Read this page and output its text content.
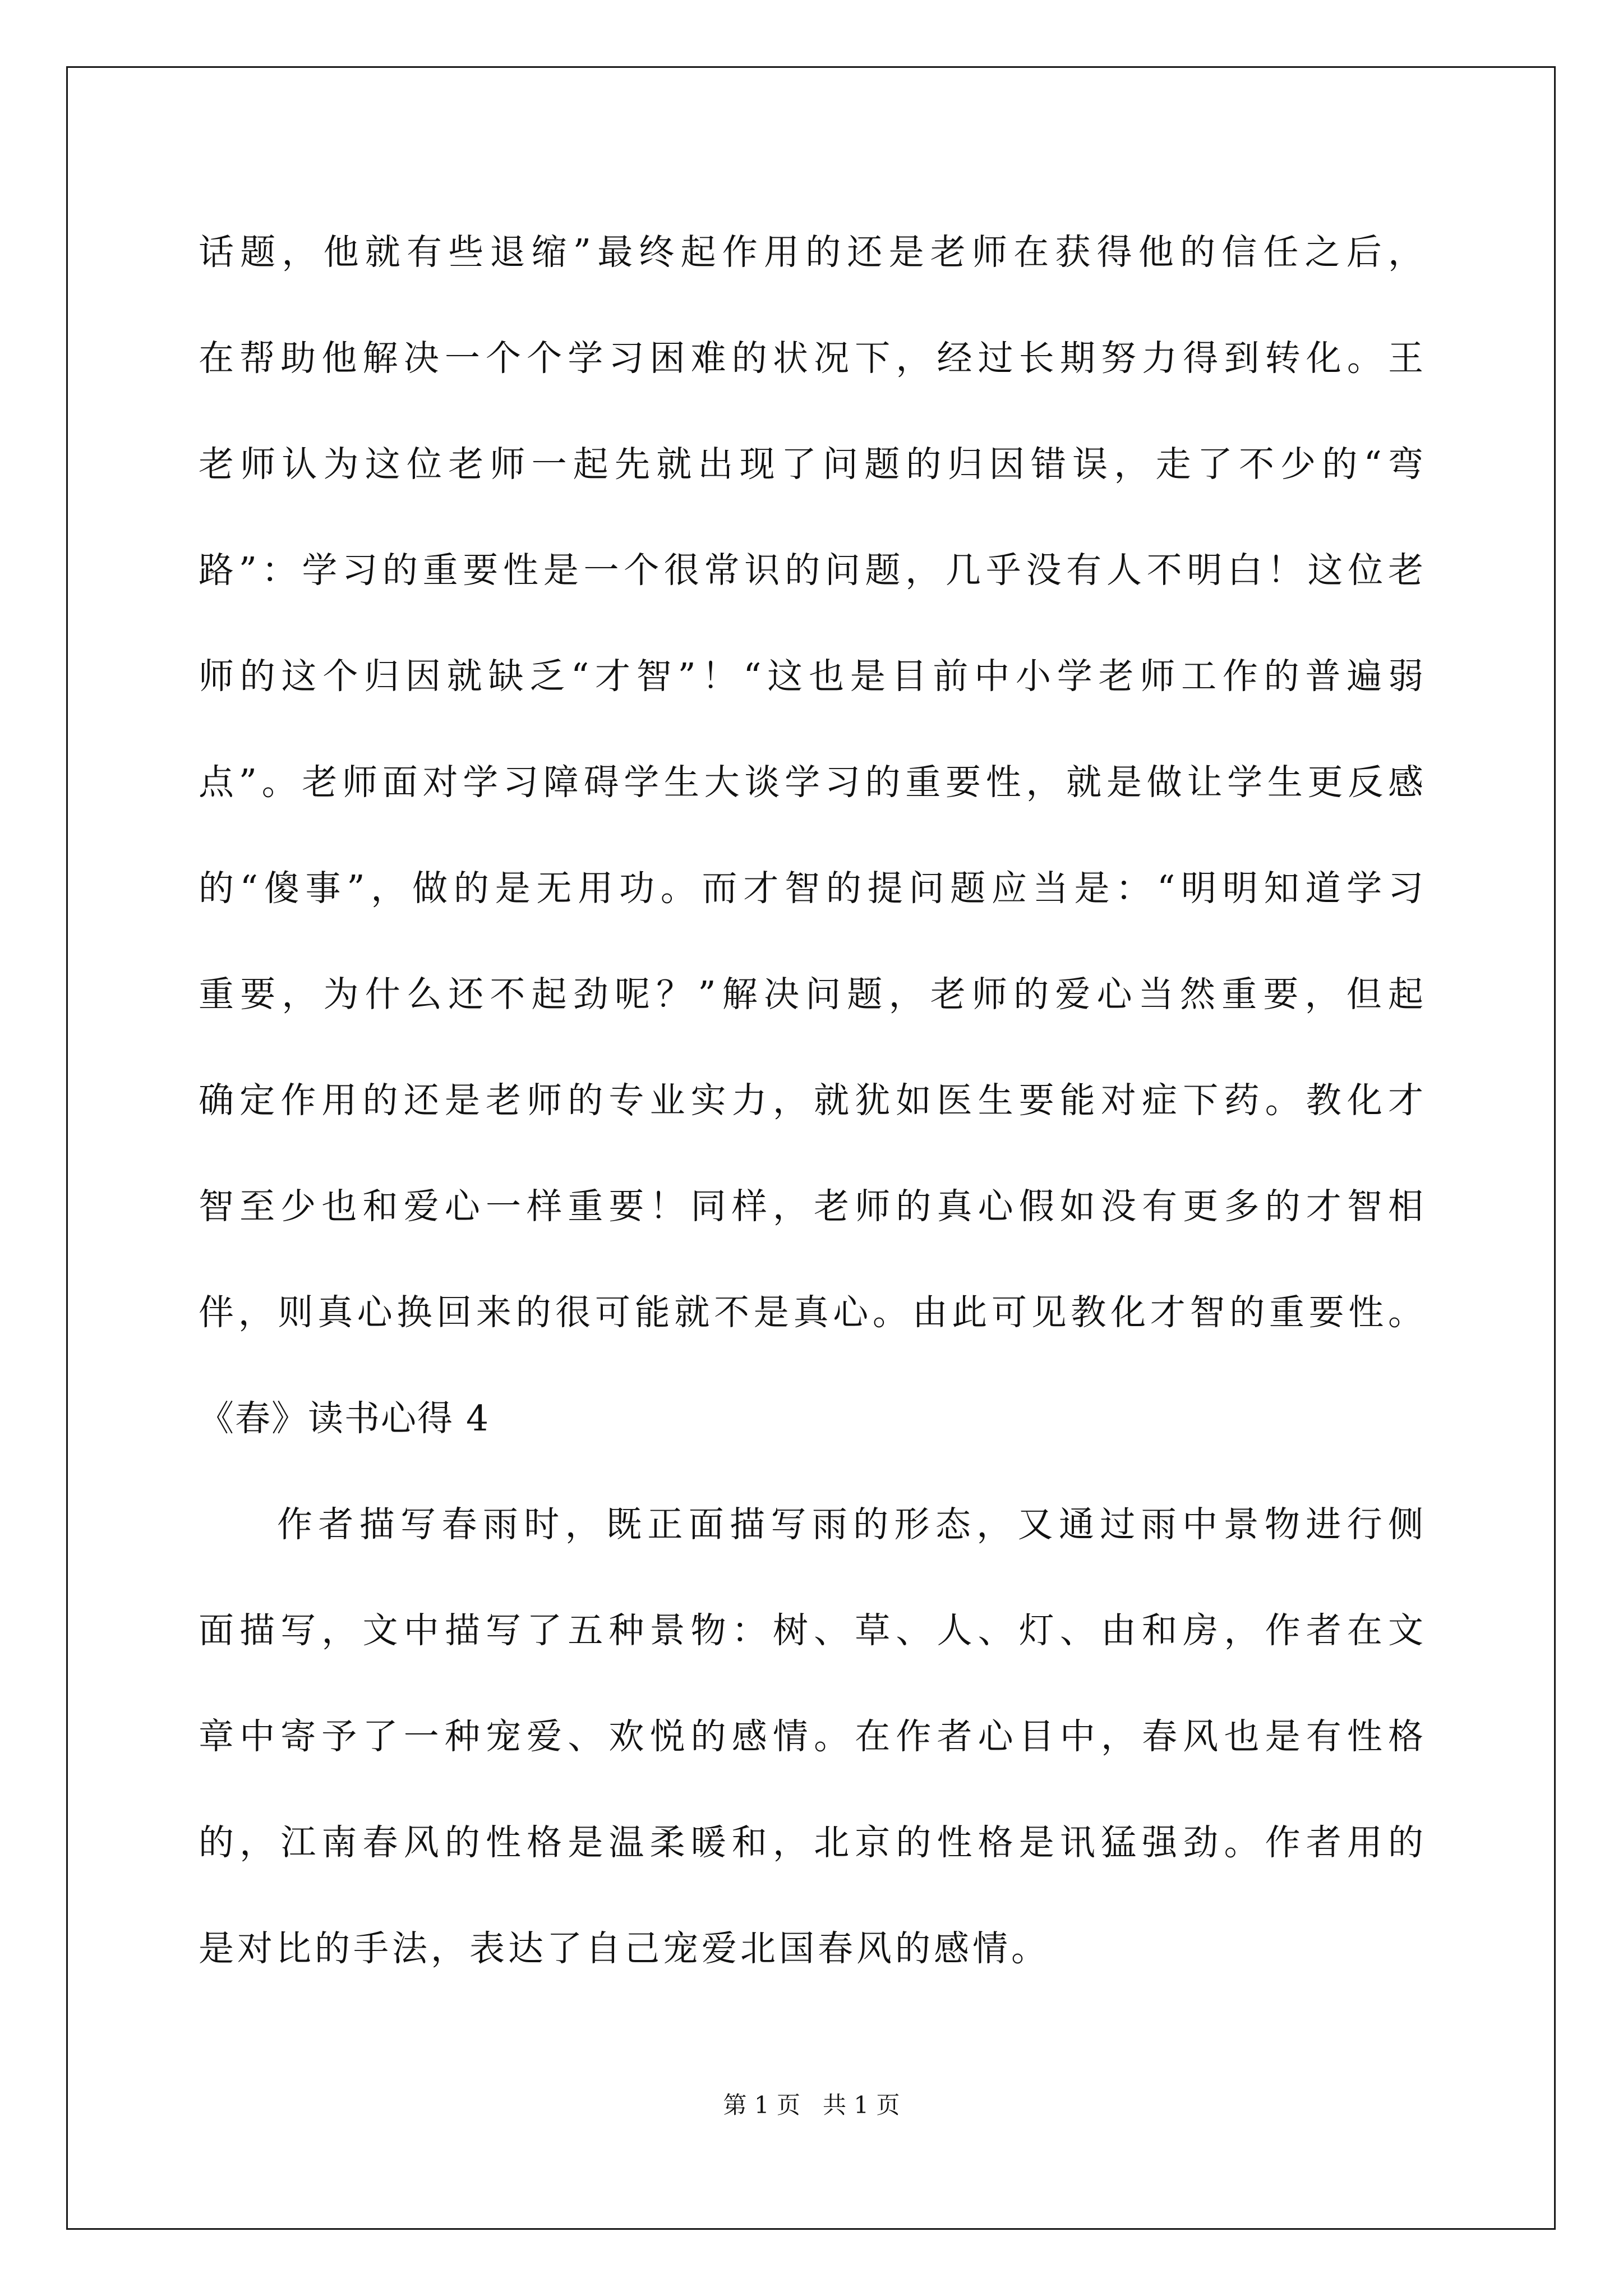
话题，他就有些退缩”最终起作用的还是老师在获得他的信任之后，
在帮助他解决一个个学习困难的状况下，经过长期努力得到转化。王
老师认为这位老师一起先就出现了问题的归因错误，走了不少的“弯
路”：学习的重要性是一个很常识的问题，几乎没有人不明白！这位老
师的这个归因就缺乏“才智”！“这也是目前中小学老师工作的普遍弱
点”。老师面对学习障碍学生大谈学习的重要性，就是做让学生更反感
的“傻事”，做的是无用功。而才智的提问题应当是：“明明知道学习
重要，为什么还不起劲呢？”解决问题，老师的爱心当然重要，但起
确定作用的还是老师的专业实力，就犹如医生要能对症下药。教化才
智至少也和爱心一样重要！同样，老师的真心假如没有更多的才智相
伴，则真心换回来的很可能就不是真心。由此可见教化才智的重要性。
《春》读书心得 4
作者描写春雨时，既正面描写雨的形态，又通过雨中景物进行侧
面描写，文中描写了五种景物：树、草、人、灯、由和房，作者在文
章中寄予了一种宠爱、欢悦的感情。在作者心目中，春风也是有性格
的，江南春风的性格是温柔暖和，北京的性格是讯猛强劲。作者用的
是对比的手法，表达了自己宠爱北国春风的感情。
第 1 页   共 1 页
